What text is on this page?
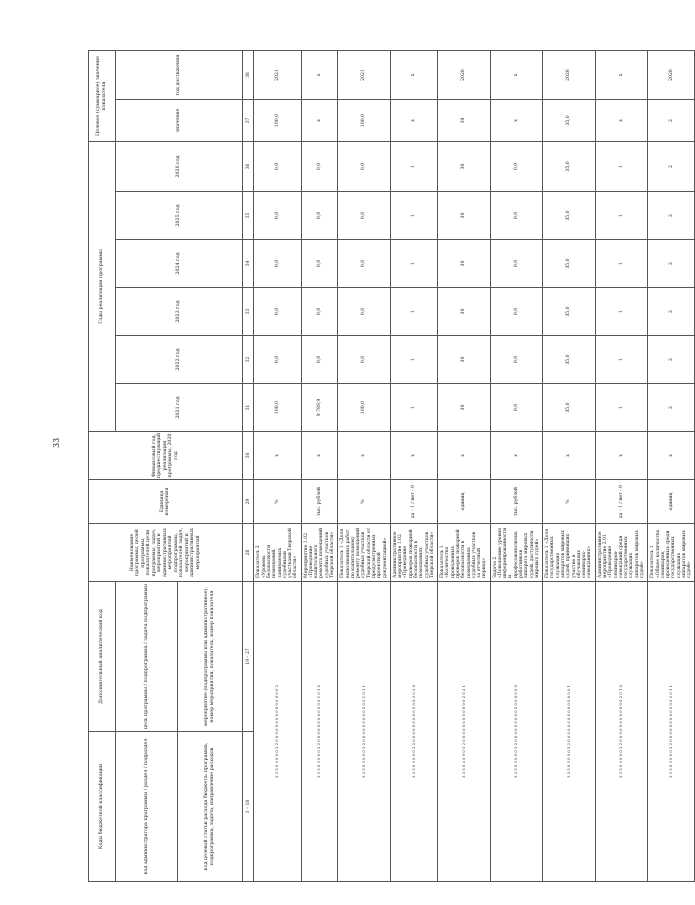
33
Коды бюджетной классификации	Дополнительный аналитический код	Наименование программы, целей программы, показателей цели программы, задач, мероприятий и административных мероприятий подпрограммы, показателей задач, мероприятий и административных мероприятий	Единица измерения	Финансовый год, предшествующий реализации программы, 2020 год	Годы реализации программы						Целевое (суммарное) значение показателя	
код администратора программы / раздел / подраздел	цель программы / подпрограмма / задача подпрограммы				2021 год	2022 год	2023 год	2024 год	2025 год	2026 год	значение	год достижения
код целевой статьи расхода бюджета: программа, подпрограмма, задача, направление расходов	мероприятие (подпрограммы или административное), номер мероприятия, показатель, номер показателя											
1 – 18	19 – 27	28	29	30	31	32	33	34	35	36	37	38
3 3 5 0 3 0 9 0 5 2 0 0 0 0 0 0 0 0 0 0 0 0 0 0 0 2		Показатель 2 «Уровень безопасности помещений, занимаемых судебными участками Тверской области»	%	х	100,0	0,0	0,0	0,0	0,0	0,0	100,0	2021
3 3 5 0 3 0 9 0 5 2 0 0 0 0 0 0 0 0 0 0 0 0 1 0 1 0		Мероприятие 1.02 «Проведение капитального ремонта помещений судебных участков Тверской области»	тыс. рублей	х	9 789,9	0,0	0,0	0,0	0,0	0,0	х	х
3 3 5 0 3 0 9 0 5 2 0 0 0 0 0 0 0 0 0 0 0 0 1 0 1 1		Показатель 1 «Доля выполненных работ по капитальному ремонту помещений судебных участков Тверской области от предусмотренных проектной документацией»	%	х	100,0	0,0	0,0	0,0	0,0	0,0	100,0	2021
3 3 5 0 3 0 9 0 5 2 0 0 0 0 0 0 0 0 0 0 0 0 2 0 2 0		Административное мероприятие 1.02 «Проведение проверок пожарной безопасности в помещениях судебных участков Тверской области»	да - 1 / нет - 0	х	1	1	1	1	1	1	х	х
3 3 5 0 3 0 9 0 5 2 0 0 0 0 0 0 0 0 0 0 0 0 2 0 2 1		Показатель 1 «Количество проведенных проверок пожарной безопасности в помещениях судебных участков за отчетный период»	единиц	х	39	39	39	39	39	39	39	2026
3 3 5 0 3 0 9 0 5 2 0 0 0 0 0 0 0 0 0 0 0 0 0 0 0 0		Задача 2 «Повышение уровня информированности и профессионализма работников аппарата мировых судей, доступности мировых судей»	тыс. рублей	х	0,0	0,0	0,0	0,0	0,0	0,0	х	х
3 3 5 0 3 0 9 0 5 2 0 0 0 0 0 0 0 0 0 0 0 0 0 0 0 1		Показатель 1 «Доля государственных служащих аппаратов мировых судей, принявших участие в обучающих семинарах-совещаниях»	%	х	35,0	35,0	35,0	35,0	35,0	35,0	35,0	2026
3 3 5 0 3 0 9 0 5 2 0 0 0 0 0 0 0 0 0 0 0 0 2 0 1 0		Административное мероприятие 2.01 «Проведение семинаров-совещаний среди государственных служащих аппаратов мировых судей»	да - 1 / нет - 0	х	1	1	1	1	1	1	х	х
3 3 5 0 3 0 9 0 5 2 0 0 0 0 0 0 0 0 0 0 0 0 2 0 1 1		Показатель 1 «Общее количество семинаров, проведенных среди государственных служащих аппаратов мировых судей»	единиц	х	2	2	2	2	2	2	2	2026
